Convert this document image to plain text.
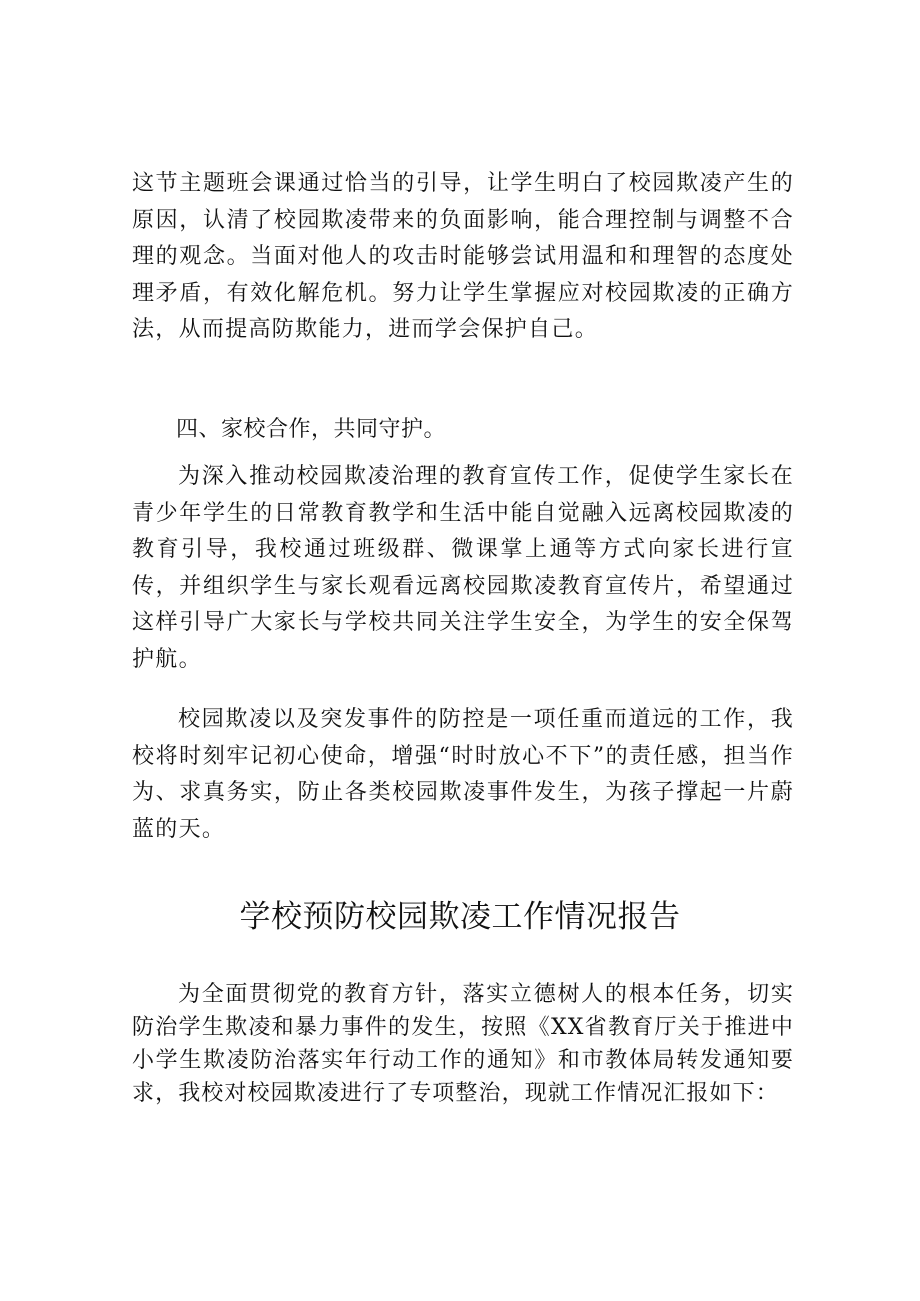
这节主题班会课通过恰当的引导，让学生明白了校园欺凌产生的原因，认清了校园欺凌带来的负面影响，能合理控制与调整不合理的观念。当面对他人的攻击时能够尝试用温和和理智的态度处理矛盾，有效化解危机。努力让学生掌握应对校园欺凌的正确方法，从而提高防欺能力，进而学会保护自己。

四、家校合作，共同守护。

为深入推动校园欺凌治理的教育宣传工作，促使学生家长在青少年学生的日常教育教学和生活中能自觉融入远离校园欺凌的教育引导，我校通过班级群、微课掌上通等方式向家长进行宣传，并组织学生与家长观看远离校园欺凌教育宣传片，希望通过这样引导广大家长与学校共同关注学生安全，为学生的安全保驾护航。

校园欺凌以及突发事件的防控是一项任重而道远的工作，我校将时刻牢记初心使命，增强“时时放心不下”的责任感，担当作为、求真务实，防止各类校园欺凌事件发生，为孩子撑起一片蔚蓝的天。

学校预防校园欺凌工作情况报告

为全面贯彻党的教育方针，落实立德树人的根本任务，切实防治学生欺凌和暴力事件的发生，按照《XX省教育厅关于推进中小学生欺凌防治落实年行动工作的通知》和市教体局转发通知要求，我校对校园欺凌进行了专项整治，现就工作情况汇报如下：
